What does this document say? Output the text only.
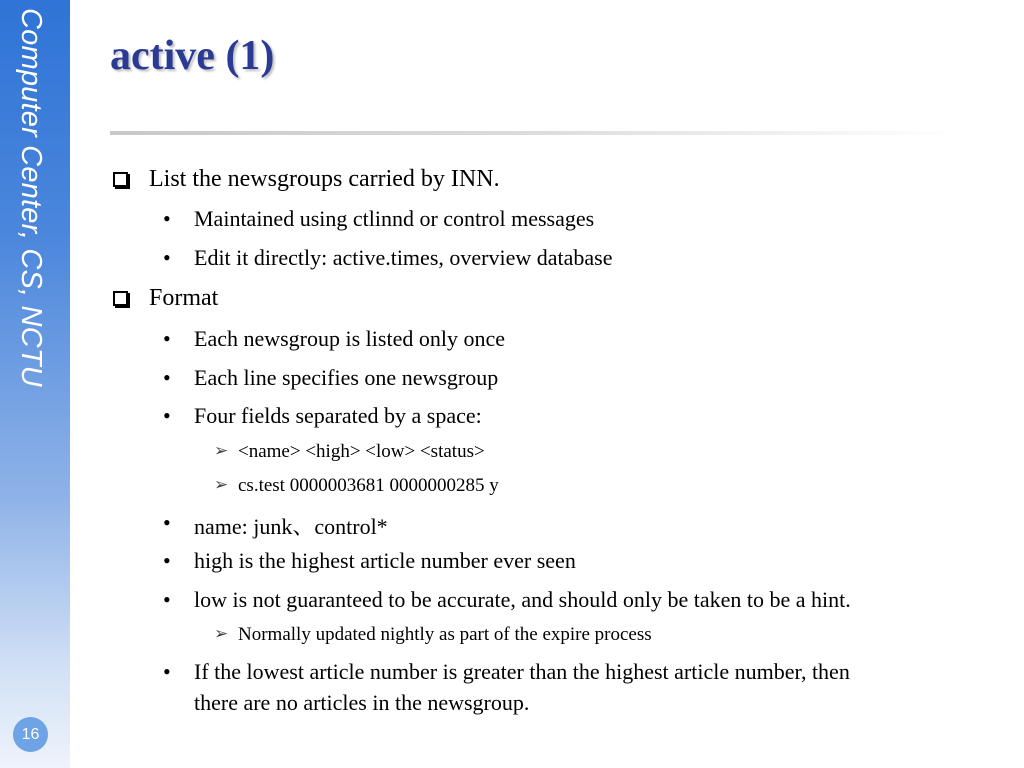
Computer Center, CS, NCTU
16
active (1)
List the newsgroups carried by INN.
• Maintained using ctlinnd or control messages
• Edit it directly: active.times, overview database
Format
• Each newsgroup is listed only once
• Each line specifies one newsgroup
• Four fields separated by a space:
➢ <name> <high> <low> <status>
➢ cs.test 0000003681 0000000285 y
• name: junk、control*
• high is the highest article number ever seen
• low is not guaranteed to be accurate, and should only be taken to be a hint.
➢ Normally updated nightly as part of the expire process
• If the lowest article number is greater than the highest article number, then
there are no articles in the newsgroup.
